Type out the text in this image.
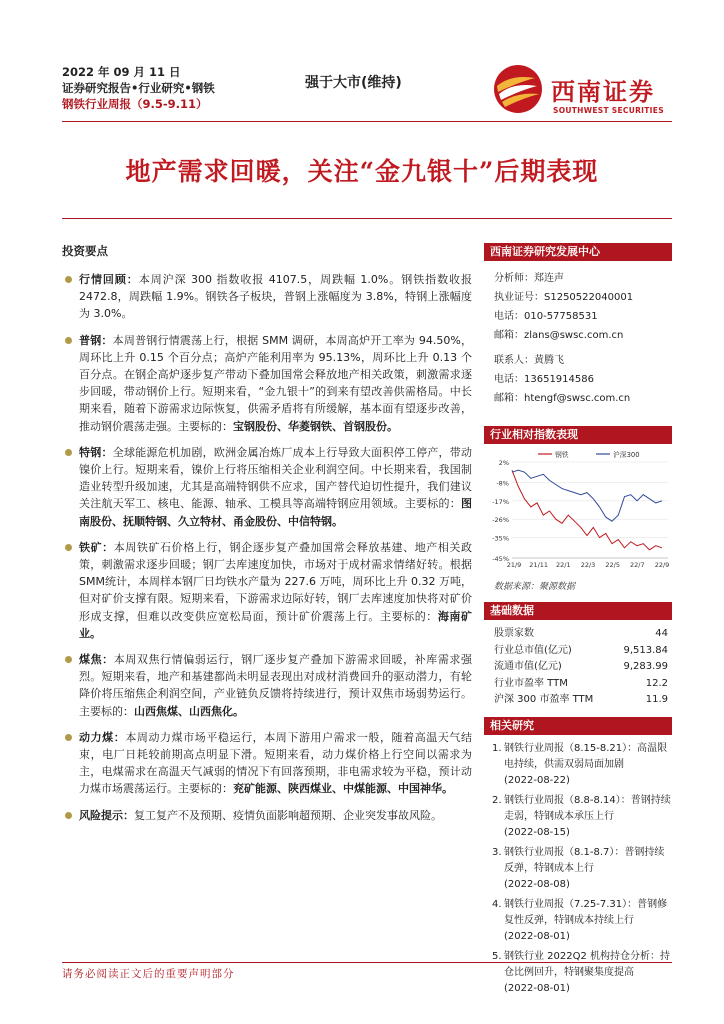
2022 年 09 月 11 日
证券研究报告•行业研究•钢铁
钢铁行业周报（9.5-9.11）
强于大市(维持)	西南证券
SOUTHWEST SECURITIES
地产需求回暖，关注“金九银十”后期表现
投资要点
行情回顾：本周沪深 300 指数收报 4107.5，周跌幅 1.0%。钢铁指数收报 2472.8，周跌幅 1.9%。钢铁各子板块，普钢上涨幅度为 3.8%，特钢上涨幅度为 3.0%。
普钢：本周普钢行情震荡上行，根据 SMM 调研，本周高炉开工率为 94.50%，周环比上升 0.15 个百分点；高炉产能利用率为 95.13%，周环比上升 0.13 个百分点。在钢企高炉逐步复产带动下叠加国常会释放地产相关政策，刺激需求逐步回暖，带动钢价上行。短期来看，“金九银十”的到来有望改善供需格局。中长期来看，随着下游需求边际恢复，供需矛盾将有所缓解，基本面有望逐步改善，推动钢价震荡走强。主要标的：宝钢股份、华菱钢铁、首钢股份。
特钢：全球能源危机加剧，欧洲金属冶炼厂成本上行导致大面积停工停产，带动镍价上行。短期来看，镍价上行将压缩相关企业利润空间。中长期来看，我国制造业转型升级加速，尤其是高端特钢供不应求，国产替代迫切性提升，我们建议关注航天军工、核电、能源、轴承、工模具等高端特钢应用领域。主要标的：图南股份、抚顺特钢、久立特材、甬金股份、中信特钢。
铁矿：本周铁矿石价格上行，钢企逐步复产叠加国常会释放基建、地产相关政策，刺激需求逐步回暖；钢厂去库速度加快，市场对于成材需求情绪好转。根据SMM统计，本周样本钢厂日均铁水产量为 227.6 万吨，周环比上升 0.32 万吨，但对矿价支撑有限。短期来看，下游需求边际好转，钢厂去库速度加快将对矿价形成支撑，但难以改变供应宽松局面，预计矿价震荡上行。主要标的：海南矿业。
煤焦：本周双焦行情偏弱运行，钢厂逐步复产叠加下游需求回暖，补库需求强烈。短期来看，地产和基建都尚未明显表现出对成材消费回升的驱动潜力，有轮降价将压缩焦企利润空间，产业链负反馈将持续进行，预计双焦市场弱势运行。主要标的：山西焦煤、山西焦化。
动力煤：本周动力煤市场平稳运行，本周下游用户需求一般，随着高温天气结束，电厂日耗较前期高点明显下滑。短期来看，动力煤价格上行空间以需求为主，电煤需求在高温天气减弱的情况下有回落预期，非电需求较为平稳，预计动力煤市场震荡运行。主要标的：兖矿能源、陕西煤业、中煤能源、中国神华。
风险提示：复工复产不及预期、疫情负面影响超预期、企业突发事故风险。
西南证券研究发展中心
分析师：郑连声
执业证号：S1250522040001
电话：010-57758531
邮箱：zlans@swsc.com.cn
联系人：黄腾飞
电话：13651914586
邮箱：htengf@swsc.com.cn
行业相对指数表现
2%
-8%
-17%
-26%
-35%
-45%
21/9 21/11 22/1 22/3 22/5 22/7 22/9
钢铁	沪深300
数据来源：聚源数据
基础数据
股票家数	44
行业总市值(亿元)	9,513.84
流通市值(亿元)	9,283.99
行业市盈率 TTM	12.2
沪深 300 市盈率 TTM	11.9
相关研究
1. 钢铁行业周报（8.15-8.21）：高温限电持续，供需双弱局面加剧
(2022-08-22)
2. 钢铁行业周报（8.8-8.14）：普钢持续走弱，特钢成本承压上行
(2022-08-15)
3. 钢铁行业周报（8.1-8.7）：普钢持续反弹，特钢成本上行
(2022-08-08)
4. 钢铁行业周报（7.25-7.31）：普钢修复性反弹，特钢成本持续上行
(2022-08-01)
5. 钢铁行业 2022Q2 机构持仓分析：持仓比例回升，特钢聚集度提高
(2022-08-01)
请务必阅读正文后的重要声明部分
